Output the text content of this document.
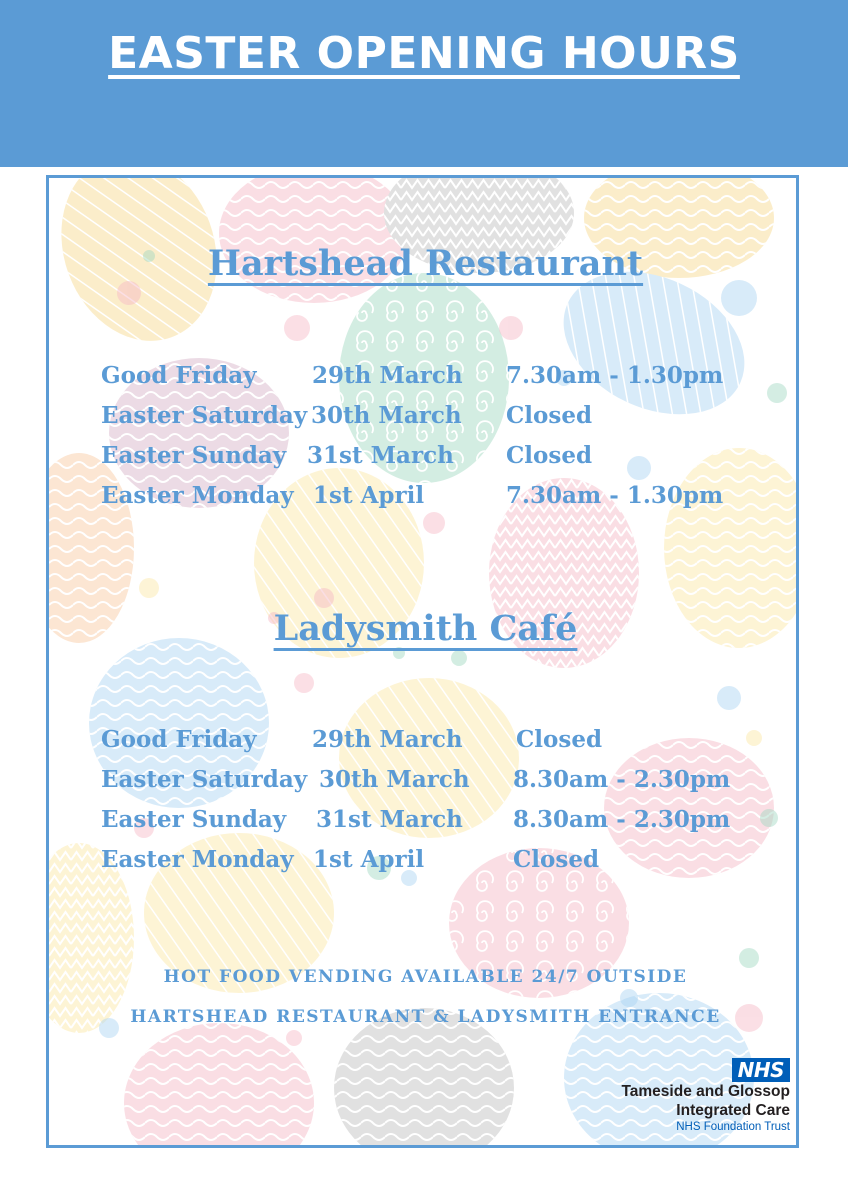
EASTER OPENING HOURS
Hartshead Restaurant
Good Friday 29th March 7.30am - 1.30pm
Easter Saturday 30th March Closed
Easter Sunday 31st March Closed
Easter Monday 1st April	7.30am - 1.30pm
Ladysmith Café
Good Friday 29th March Closed
Easter Saturday 30th March 8.30am - 2.30pm
Easter Sunday 31st March 8.30am - 2.30pm
Easter Monday 1st April	Closed

HOT FOOD VENDING AVAILABLE 24/7 OUTSIDE

HARTSHEAD RESTAURANT & LADYSMITH ENTRANCE

NHS
Tameside and Glossop
Integrated Care
NHS Foundation Trust
